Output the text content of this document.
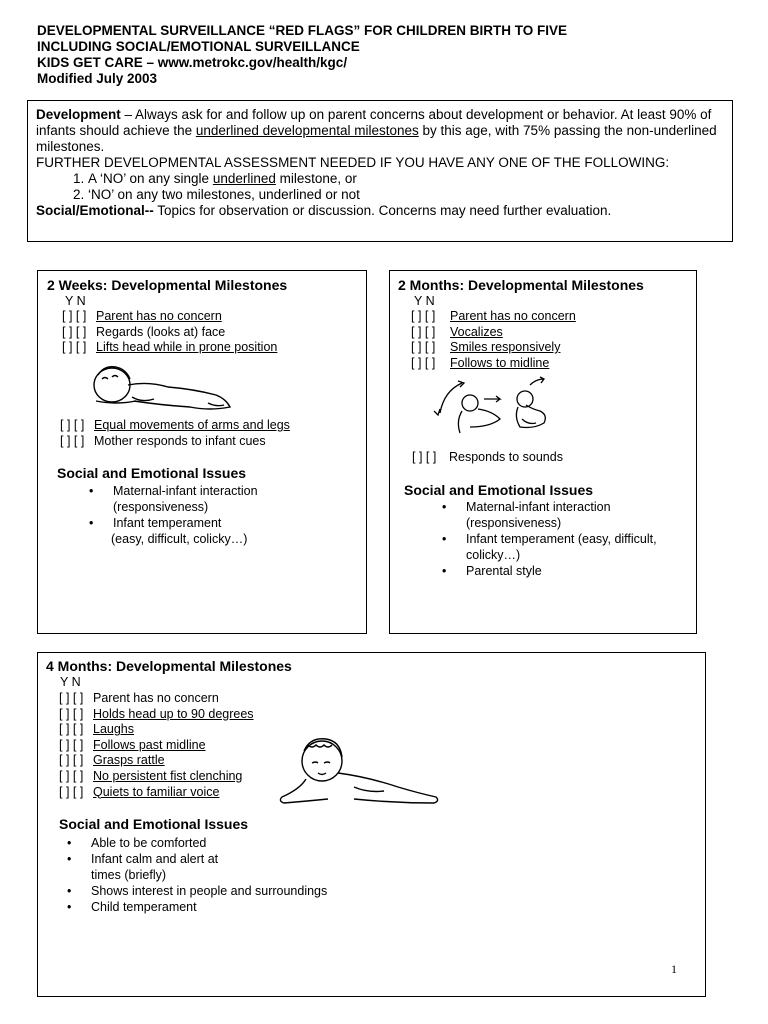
DEVELOPMENTAL SURVEILLANCE “RED FLAGS” FOR CHILDREN BIRTH TO FIVE
INCLUDING SOCIAL/EMOTIONAL SURVEILLANCE
KIDS GET CARE – www.metrokc.gov/health/kgc/
Modified July 2003

Development – Always ask for and follow up on parent concerns about development or behavior. At least 90% of infants should achieve the underlined developmental milestones by this age, with 75% passing the non-underlined milestones.

FURTHER DEVELOPMENTAL ASSESSMENT NEEDED IF YOU HAVE ANY ONE OF THE FOLLOWING:

1. A ‘NO’ on any single underlined milestone, or
2. ‘NO’ on any two milestones, underlined or not

Social/Emotional-- Topics for observation or discussion. Concerns may need further evaluation.

2 Weeks: Developmental Milestones
Y N
[ ] [ ] Parent has no concern
[ ] [ ] Regards (looks at) face
[ ] [ ] Lifts head while in prone position
[ ] [ ] Equal movements of arms and legs
[ ] [ ] Mother responds to infant cues
Social and Emotional Issues
• Maternal-infant interaction (responsiveness)
• Infant temperament
(easy, difficult, colicky…)
2 Months: Developmental Milestones
Y N
[ ] [ ] Parent has no concern
[ ] [ ] Vocalizes
[ ] [ ] Smiles responsively
[ ] [ ] Follows to midline
[ ] [ ] Responds to sounds
Social and Emotional Issues
• Maternal-infant interaction (responsiveness)
• Infant temperament (easy, difficult, colicky…)
• Parental style
4 Months: Developmental Milestones
Y N
[ ] [ ] Parent has no concern
[ ] [ ] Holds head up to 90 degrees
[ ] [ ] Laughs
[ ] [ ] Follows past midline
[ ] [ ] Grasps rattle
[ ] [ ] No persistent fist clenching
[ ] [ ] Quiets to familiar voice
Social and Emotional Issues
• Able to be comforted
• Infant calm and alert at times (briefly)
• Shows interest in people and surroundings
• Child temperament
1
